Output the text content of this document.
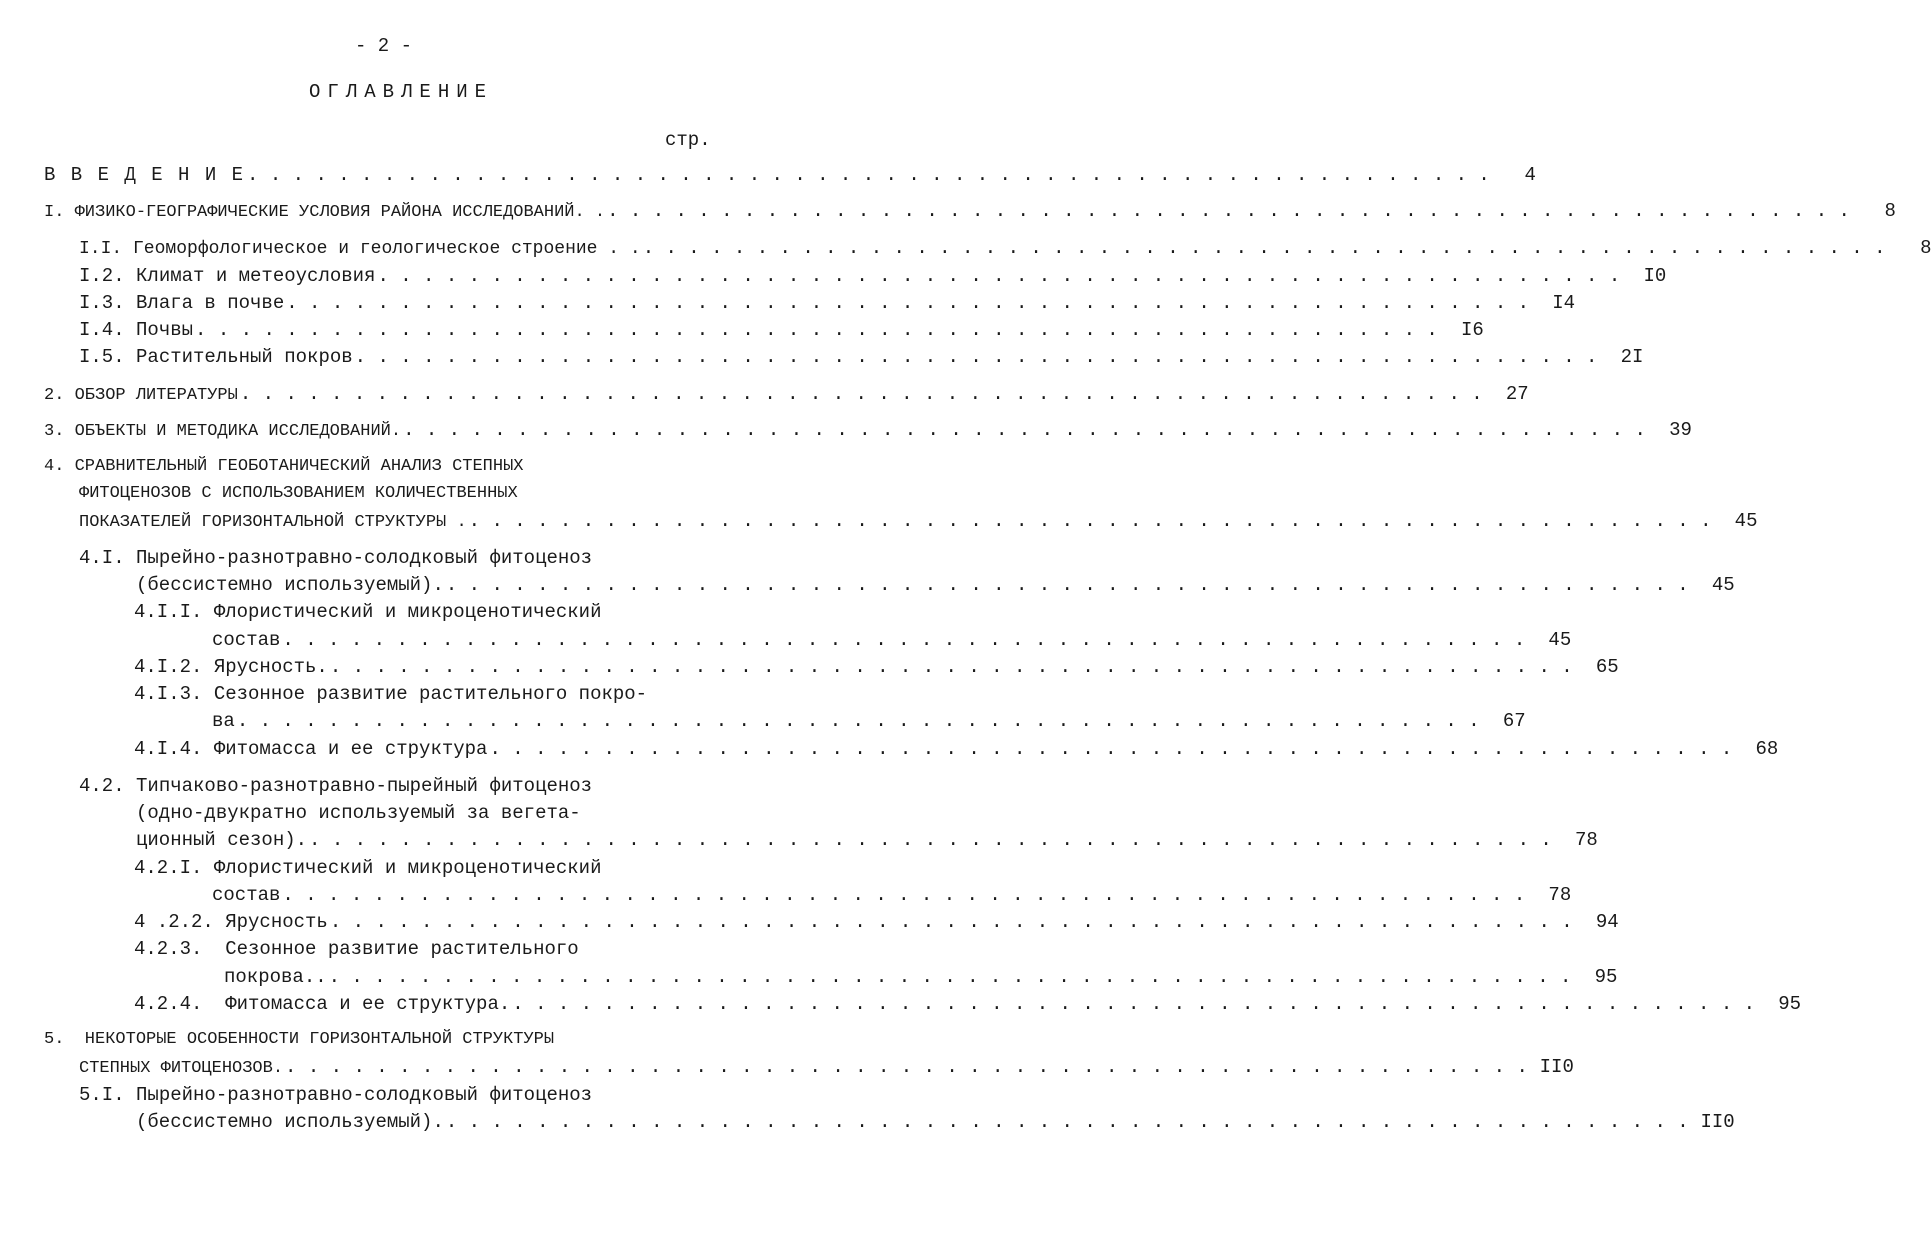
- 2 -
ОГЛАВЛЕНИЕ
стр.
В В Е Д Е Н И Е . . . . . . . . . . . . . . . . . . . . . . . . . . . . . . . . . . . . . . . . . . . . . . . . . . . . . . .	4
I. ФИЗИКО-ГЕОГРАФИЧЕСКИЕ УСЛОВИЯ РАЙОНА ИССЛЕДОВАНИЙ. . . . . . . . . . . . . . . . . . . . . . . . . . . . . . . . . . . . . . . . . . . . . . . . . . . . . . . . .	8
I.I. Геоморфологическое и геологическое строение . . . . . . . . . . . . . . . . . . . . . . . . . . . . . . . . . . . . . . . . . . . . . . . . . . . . . . . . .	8
I.2. Климат и метеоусловия . . . . . . . . . . . . . . . . . . . . . . . . . . . . . . . . . . . . . . . . . . . . . . . . . . . . . . .	I0
I.3. Влага в почве . . . . . . . . . . . . . . . . . . . . . . . . . . . . . . . . . . . . . . . . . . . . . . . . . . . . . . .	I4
I.4. Почвы . . . . . . . . . . . . . . . . . . . . . . . . . . . . . . . . . . . . . . . . . . . . . . . . . . . . . . .	I6
I.5. Растительный покров . . . . . . . . . . . . . . . . . . . . . . . . . . . . . . . . . . . . . . . . . . . . . . . . . . . . . . .	2I
2. ОБЗОР ЛИТЕРАТУРЫ . . . . . . . . . . . . . . . . . . . . . . . . . . . . . . . . . . . . . . . . . . . . . . . . . . . . . . .	27
3. ОБЪЕКТЫ И МЕТОДИКА ИССЛЕДОВАНИЙ. . . . . . . . . . . . . . . . . . . . . . . . . . . . . . . . . . . . . . . . . . . . . . . . . . . . . . . .	39
4. СРАВНИТЕЛЬНЫЙ ГЕОБОТАНИЧЕСКИЙ АНАЛИЗ СТЕПНЫХ
ФИТОЦЕНОЗОВ С ИСПОЛЬЗОВАНИЕМ КОЛИЧЕСТВЕННЫХ
ПОКАЗАТЕЛЕЙ ГОРИЗОНТАЛЬНОЙ СТРУКТУРЫ . . . . . . . . . . . . . . . . . . . . . . . . . . . . . . . . . . . . . . . . . . . . . . . . . . . . . . . .	45
4.I. Пырейно-разнотравно-солодковый фитоценоз
(бессистемно используемый). . . . . . . . . . . . . . . . . . . . . . . . . . . . . . . . . . . . . . . . . . . . . . . . . . . . . . . .	45
4.I.I. Флористический и микроценотический
состав . . . . . . . . . . . . . . . . . . . . . . . . . . . . . . . . . . . . . . . . . . . . . . . . . . . . . . .	45
4.I.2. Ярусность. . . . . . . . . . . . . . . . . . . . . . . . . . . . . . . . . . . . . . . . . . . . . . . . . . . . . . . .	65
4.I.3. Сезонное развитие растительного покро-
ва . . . . . . . . . . . . . . . . . . . . . . . . . . . . . . . . . . . . . . . . . . . . . . . . . . . . . . .	67
4.I.4. Фитомасса и ее структура . . . . . . . . . . . . . . . . . . . . . . . . . . . . . . . . . . . . . . . . . . . . . . . . . . . . . . .	68
4.2. Типчаково-разнотравно-пырейный фитоценоз
(одно-двукратно используемый за вегета-
ционный сезон). . . . . . . . . . . . . . . . . . . . . . . . . . . . . . . . . . . . . . . . . . . . . . . . . . . . . . . .	78
4.2.I. Флористический и микроценотический
состав . . . . . . . . . . . . . . . . . . . . . . . . . . . . . . . . . . . . . . . . . . . . . . . . . . . . . . .	78
4 .2.2. Ярусность . . . . . . . . . . . . . . . . . . . . . . . . . . . . . . . . . . . . . . . . . . . . . . . . . . . . . . .	94
4.2.3.  Сезонное развитие растительного
покрова.. . . . . . . . . . . . . . . . . . . . . . . . . . . . . . . . . . . . . . . . . . . . . . . . . . . . . . . .	95
4.2.4.  Фитомасса и ее структура. . . . . . . . . . . . . . . . . . . . . . . . . . . . . . . . . . . . . . . . . . . . . . . . . . . . . . . .	95
5.  НЕКОТОРЫЕ ОСОБЕННОСТИ ГОРИЗОНТАЛЬНОЙ СТРУКТУРЫ
СТЕПНЫХ ФИТОЦЕНОЗОВ. . . . . . . . . . . . . . . . . . . . . . . . . . . . . . . . . . . . . . . . . . . . . . . . . . . . . . . . II0
5.I. Пырейно-разнотравно-солодковый фитоценоз
(бессистемно используемый). . . . . . . . . . . . . . . . . . . . . . . . . . . . . . . . . . . . . . . . . . . . . . . . . . . . . . . . II0
